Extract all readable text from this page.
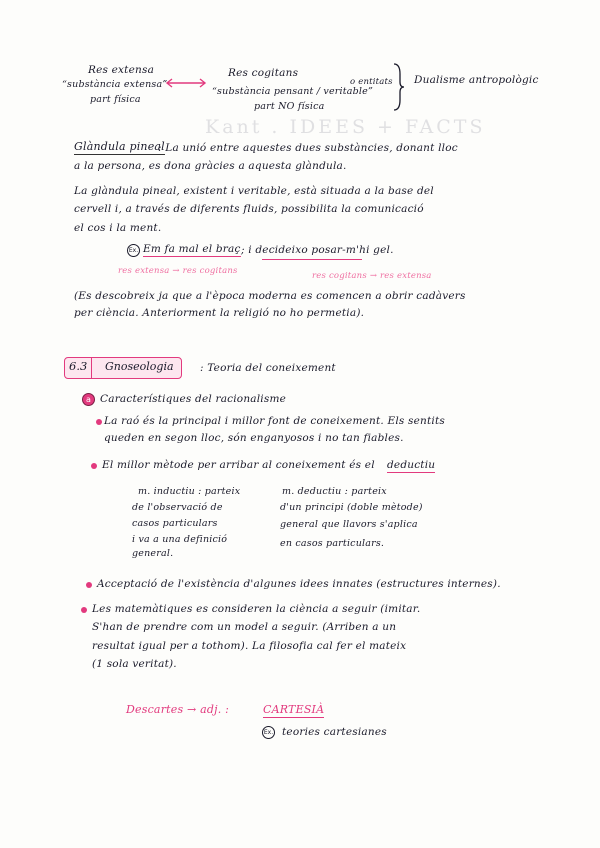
Res extensa
“substància extensa”
part física
Res cogitans
o entitats
“substància pensant / veritable”
part NO física
Dualisme antropològic
Kant . IDEES + FACTS
Glàndula pineal
: La unió entre aquestes dues substàncies, donant lloc
a la persona, es dona gràcies a aquesta glàndula.
La glàndula pineal, existent i veritable, està situada a la base del
cervell i, a través de diferents fluids, possibilita la comunicació
el cos i la ment.
Ex. Em fa mal el braç ; i decideixo posar-m'hi gel.
res extensa → res cogitans	res cogitans → res extensa
(Es descobreix ja que a l'època moderna es comencen a obrir cadàvers
per ciència. Anteriorment la religió no ho permetia).
6.3 Gnoseologia	: Teoria del coneixement
a Característiques del racionalisme
La raó és la principal i millor font de coneixement. Els sentits
queden en segon lloc, són enganyosos i no tan fiables.
El millor mètode per arribar al coneixement és el deductiu
m. inductiu : parteix
de l'observació de
casos particulars
i va a una definició
general.
m. deductiu : parteix
d'un principi (doble mètode)
general que llavors s'aplica
en casos particulars.
Acceptació de l'existència d'algunes idees innates (estructures internes).
Les matemàtiques es consideren la ciència a seguir (imitar.
S'han de prendre com un model a seguir. (Arriben a un
resultat igual per a tothom). La filosofia cal fer el mateix
(1 sola veritat).
Descartes → adj. :	CARTESIÀ
Ex. teories cartesianes
